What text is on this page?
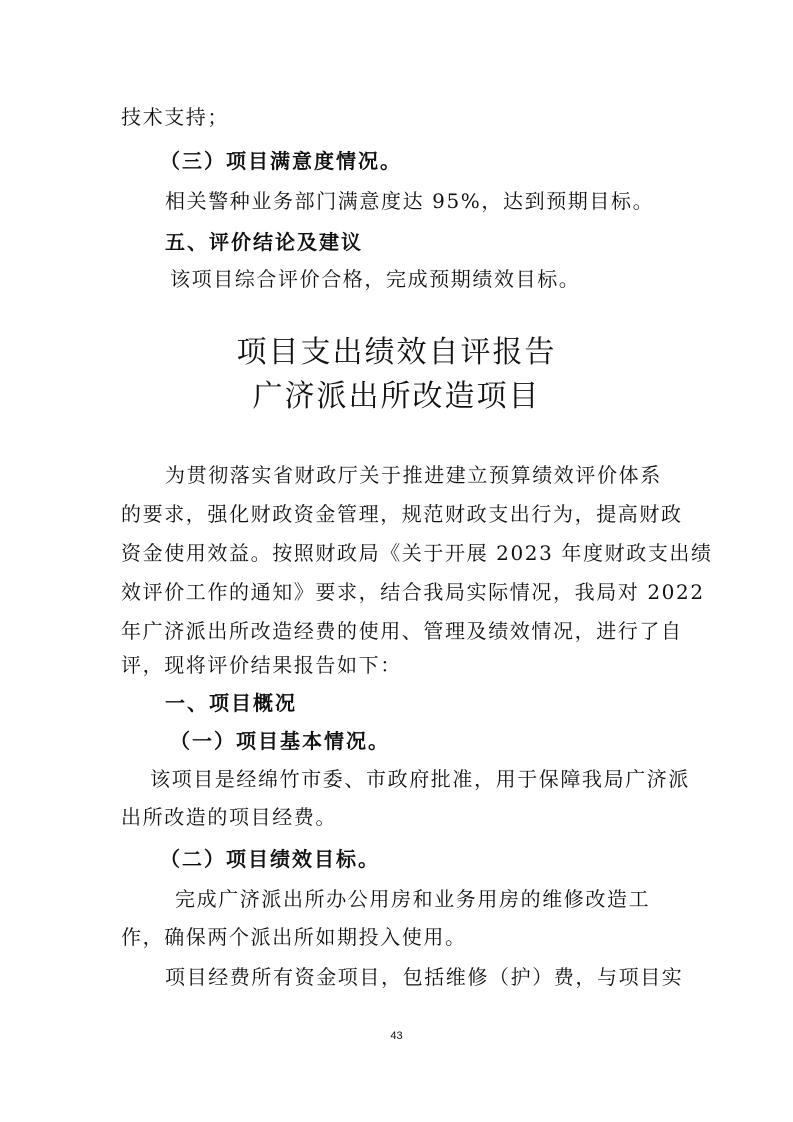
技术支持；
（三）项目满意度情况。
相关警种业务部门满意度达 95%，达到预期目标。
五、评价结论及建议
该项目综合评价合格，完成预期绩效目标。
项目支出绩效自评报告
广济派出所改造项目
为贯彻落实省财政厅关于推进建立预算绩效评价体系
的要求，强化财政资金管理，规范财政支出行为，提高财政
资金使用效益。按照财政局《关于开展 2023 年度财政支出绩
效评价工作的通知》要求，结合我局实际情况，我局对 2022
年广济派出所改造经费的使用、管理及绩效情况，进行了自
评，现将评价结果报告如下：
一、项目概况
（一）项目基本情况。
该项目是经绵竹市委、市政府批准，用于保障我局广济派
出所改造的项目经费。
（二）项目绩效目标。
完成广济派出所办公用房和业务用房的维修改造工
作，确保两个派出所如期投入使用。
项目经费所有资金项目，包括维修（护）费，与项目实
43
